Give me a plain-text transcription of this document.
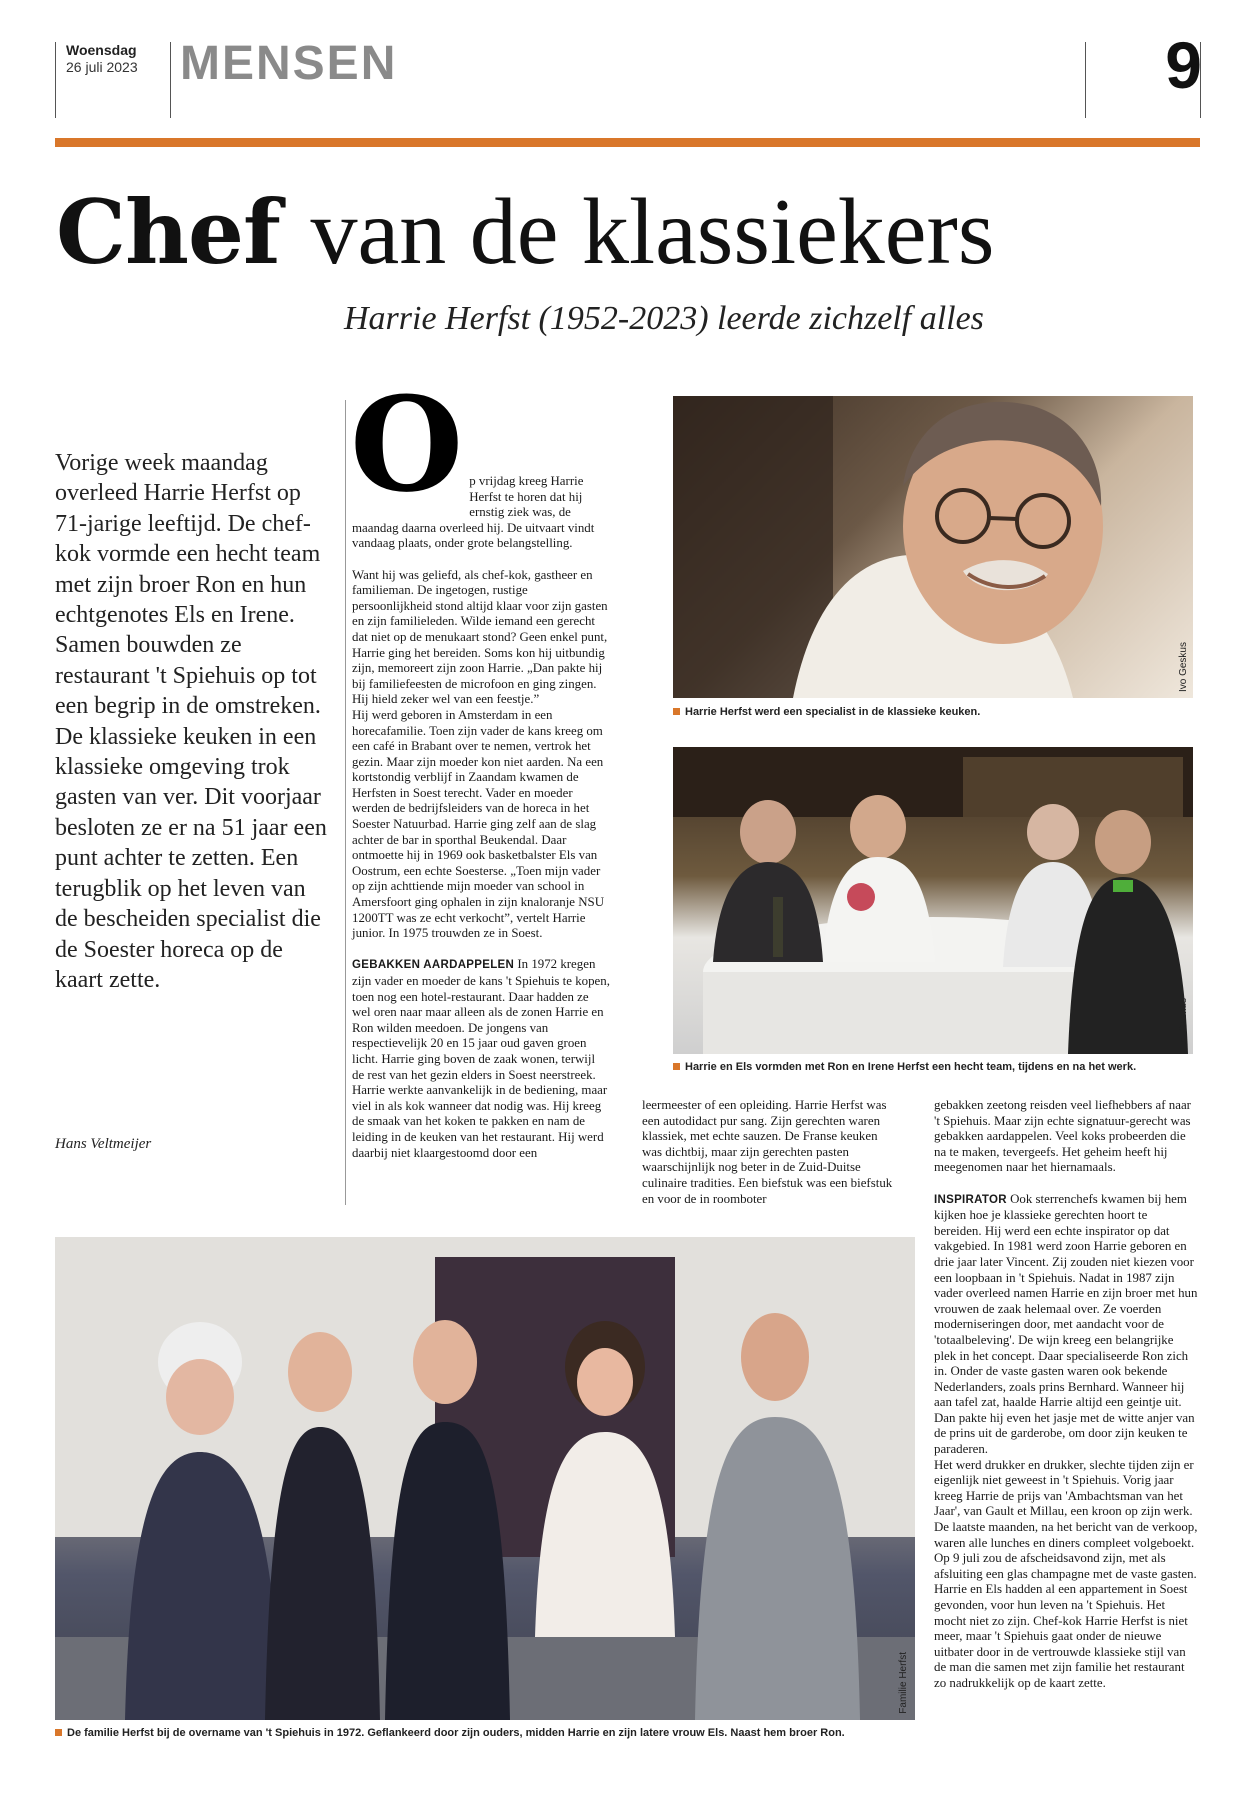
Woensdag
26 juli 2023 MENSEN	9
Chef van de klassiekers
Harrie Herfst (1952-2023) leerde zichzelf alles
Vorige week maandag overleed Harrie Herfst op 71-jarige leeftijd. De chef-kok vormde een hecht team met zijn broer Ron en hun echtgenotes Els en Irene. Samen bouwden ze restaurant 't Spiehuis op tot een begrip in de omstreken. De klassieke keuken in een klassieke omgeving trok gasten van ver. Dit voorjaar besloten ze er na 51 jaar een punt achter te zetten. Een terugblik op het leven van de bescheiden specialist die de Soester horeca op de kaart zette.
Hans Veltmeijer
O p vrijdag kreeg Harrie Herfst te horen dat hij ernstig ziek was, de maandag daarna overleed hij. De uitvaart vindt vandaag plaats, onder grote belangstelling.

Want hij was geliefd, als chef-kok, gastheer en familieman. De ingetogen, rustige persoonlijkheid stond altijd klaar voor zijn gasten en zijn familieleden. Wilde iemand een gerecht dat niet op de menukaart stond? Geen enkel punt, Harrie ging het bereiden. Soms kon hij uitbundig zijn, memoreert zijn zoon Harrie. „Dan pakte hij bij familiefeesten de microfoon en ging zingen. Hij hield zeker wel van een feestje.”

Hij werd geboren in Amsterdam in een horecafamilie. Toen zijn vader de kans kreeg om een café in Brabant over te nemen, vertrok het gezin. Maar zijn moeder kon niet aarden. Na een kortstondig verblijf in Zaandam kwamen de Herfsten in Soest terecht. Vader en moeder werden de bedrijfsleiders van de horeca in het Soester Natuurbad. Harrie ging zelf aan de slag achter de bar in sporthal Beukendal. Daar ontmoette hij in 1969 ook basketbalster Els van Oostrum, een echte Soesterse. „Toen mijn vader op zijn achttiende mijn moeder van school in Amersfoort ging ophalen in zijn knaloranje NSU 1200TT was ze echt verkocht”, vertelt Harrie junior. In 1975 trouwden ze in Soest.

GEBAKKEN AARDAPPELEN In 1972 kregen zijn vader en moeder de kans 't Spiehuis te kopen, toen nog een hotel-restaurant. Daar hadden ze wel oren naar maar alleen als de zonen Harrie en Ron wilden meedoen. De jongens van respectievelijk 20 en 15 jaar oud gaven groen licht. Harrie ging boven de zaak wonen, terwijl de rest van het gezin elders in Soest neerstreek. Harrie werkte aanvankelijk in de bediening, maar viel in als kok wanneer dat nodig was. Hij kreeg de smaak van het koken te pakken en nam de leiding in de keuken van het restaurant. Hij werd daarbij niet klaargestoomd door een

leermeester of een opleiding. Harrie Herfst was een autodidact pur sang. Zijn gerechten waren klassiek, met echte sauzen. De Franse keuken was dichtbij, maar zijn gerechten pasten waarschijnlijk nog beter in de Zuid-Duitse culinaire tradities. Een biefstuk was een biefstuk en voor de in roomboter

gebakken zeetong reisden veel liefhebbers af naar 't Spiehuis. Maar zijn echte signatuur-gerecht was gebakken aardappelen. Veel koks probeerden die na te maken, tevergeefs. Het geheim heeft hij meegenomen naar het hiernamaals.

INSPIRATOR Ook sterrenchefs kwamen bij hem kijken hoe je klassieke gerechten hoort te bereiden. Hij werd een echte inspirator op dat vakgebied. In 1981 werd zoon Harrie geboren en drie jaar later Vincent. Zij zouden niet kiezen voor een loopbaan in 't Spiehuis. Nadat in 1987 zijn vader overleed namen Harrie en zijn broer met hun vrouwen de zaak helemaal over. Ze voerden moderniseringen door, met aandacht voor de 'totaalbeleving'. De wijn kreeg een belangrijke plek in het concept. Daar specialiseerde Ron zich in. Onder de vaste gasten waren ook bekende Nederlanders, zoals prins Bernhard. Wanneer hij aan tafel zat, haalde Harrie altijd een geintje uit. Dan pakte hij even het jasje met de witte anjer van de prins uit de garderobe, om door zijn keuken te paraderen.

Het werd drukker en drukker, slechte tijden zijn er eigenlijk niet geweest in 't Spiehuis. Vorig jaar kreeg Harrie de prijs van 'Ambachtsman van het Jaar', van Gault et Millau, een kroon op zijn werk. De laatste maanden, na het bericht van de verkoop, waren alle lunches en diners compleet volgeboekt. Op 9 juli zou de afscheidsavond zijn, met als afsluiting een glas champagne met de vaste gasten. Harrie en Els hadden al een appartement in Soest gevonden, voor hun leven na 't Spiehuis. Het mocht niet zo zijn. Chef-kok Harrie Herfst is niet meer, maar 't Spiehuis gaat onder de nieuwe uitbater door in de vertrouwde klassieke stijl van de man die samen met zijn familie het restaurant zo nadrukkelijk op de kaart zette.

Ivo Geskus
Harrie Herfst werd een specialist in de klassieke keuken.
Ivo Geskus
Harrie en Els vormden met Ron en Irene Herfst een hecht team, tijdens en na het werk.
Familie Herfst
De familie Herfst bij de overname van 't Spiehuis in 1972. Geflankeerd door zijn ouders, midden Harrie en zijn latere vrouw Els. Naast hem broer Ron.
